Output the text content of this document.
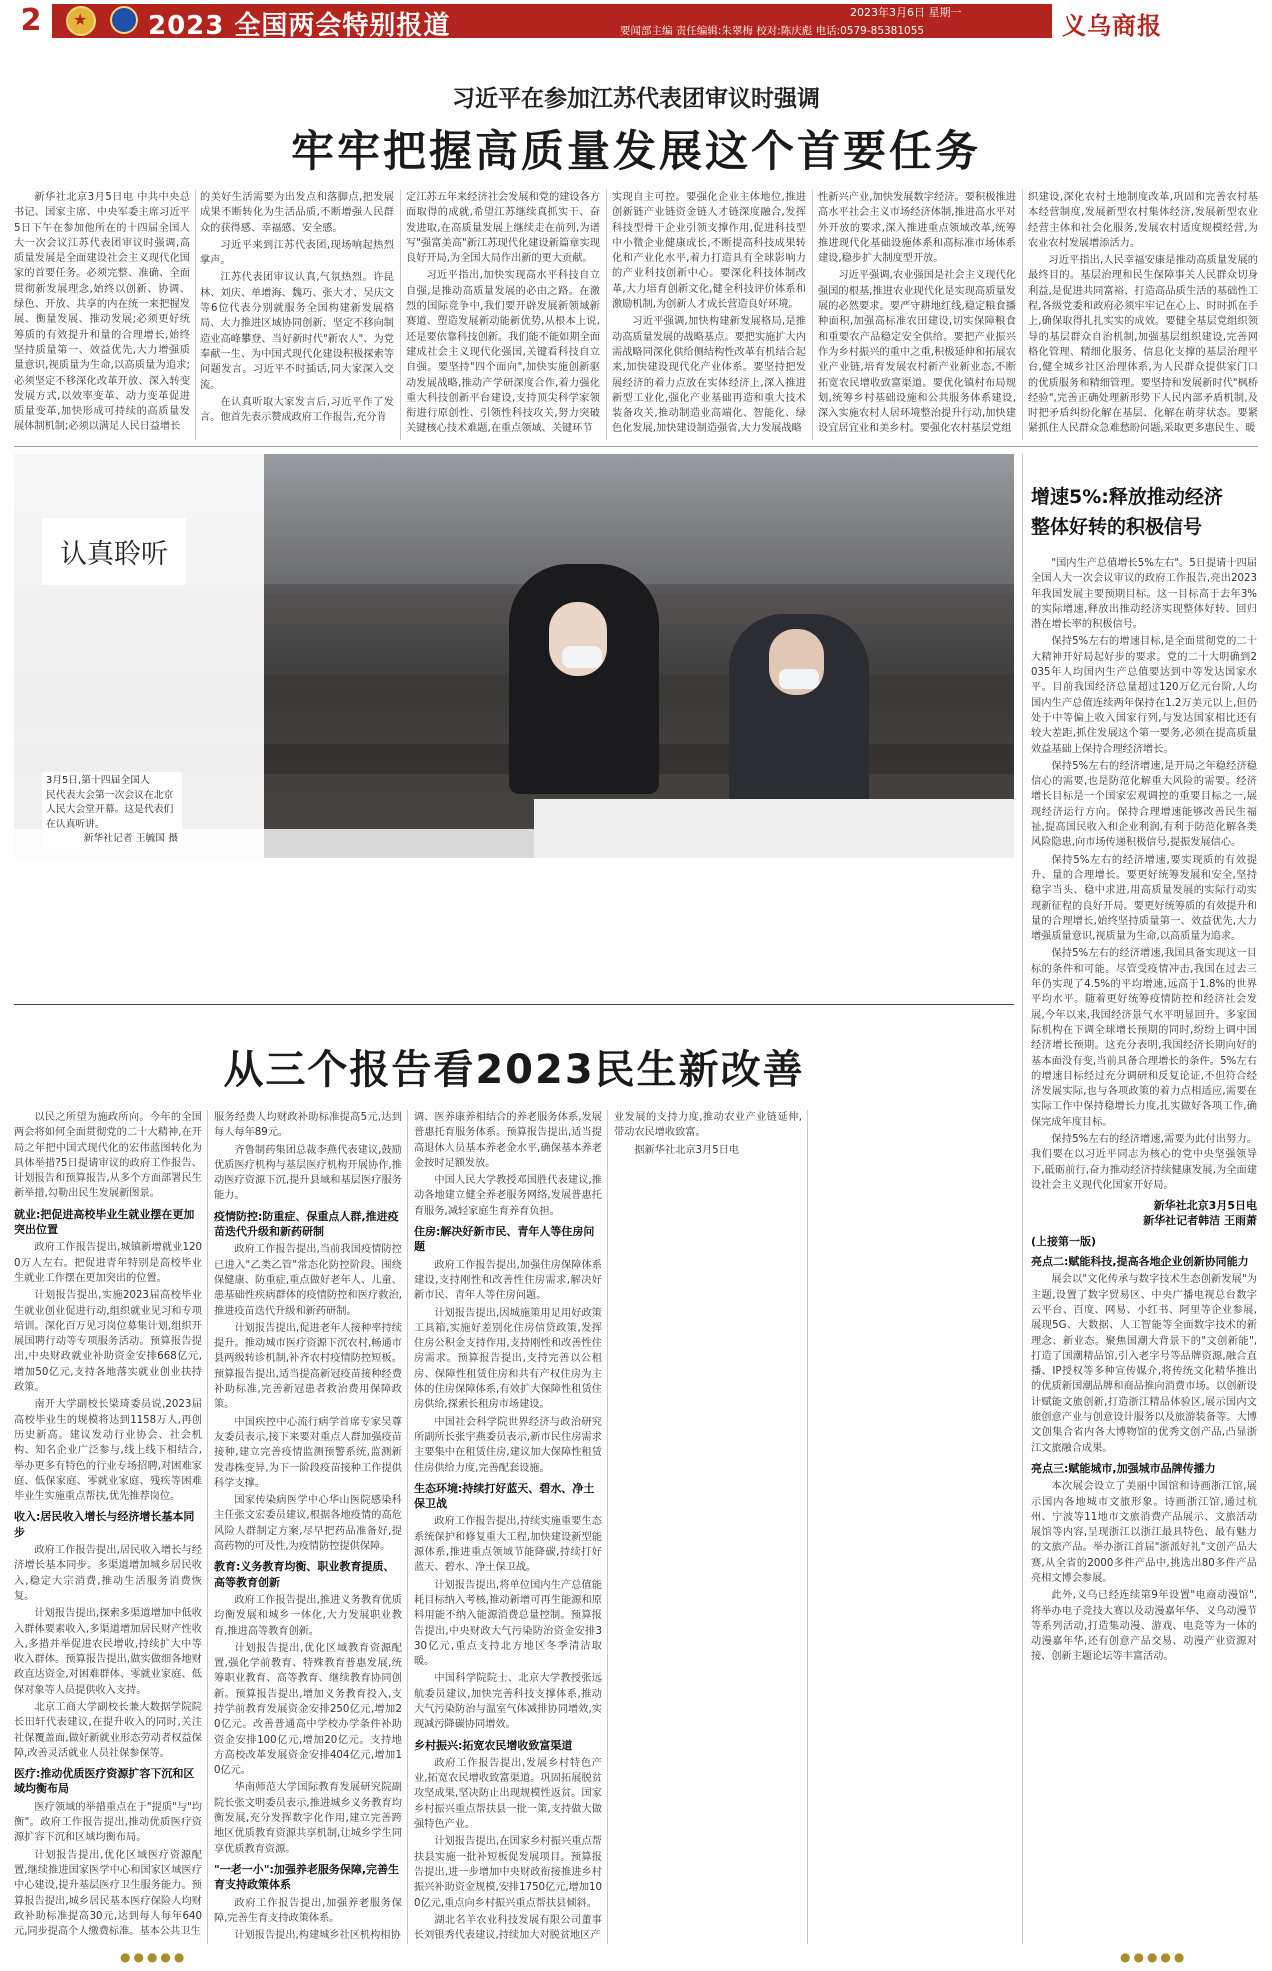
2
★	2023 全国两会特别报道	2023年3月6日 星期一
要闻部主编 责任编辑:朱翠梅 校对:陈庆彪 电话:0579-85381055	义乌商报
习近平在参加江苏代表团审议时强调
牢牢把握高质量发展这个首要任务

新华社北京3月5日电 中共中央总书记、国家主席、中央军委主席习近平5日下午在参加他所在的十四届全国人大一次会议江苏代表团审议时强调,高质量发展是全面建设社会主义现代化国家的首要任务。必须完整、准确、全面贯彻新发展理念,始终以创新、协调、绿色、开放、共享的内在统一来把握发展、衡量发展、推动发展;必须更好统筹质的有效提升和量的合理增长,始终坚持质量第一、效益优先,大力增强质量意识,视质量为生命,以高质量为追求;必须坚定不移深化改革开放、深入转变发展方式,以效率变革、动力变革促进质量变革,加快形成可持续的高质量发展体制机制;必须以满足人民日益增长

的美好生活需要为出发点和落脚点,把发展成果不断转化为生活品质,不断增强人民群众的获得感、幸福感、安全感。

习近平来到江苏代表团,现场响起热烈掌声。

江苏代表团审议认真,气氛热烈。许昆林、刘庆、单增海、魏巧、张大才、吴庆文等6位代表分别就服务全国构建新发展格局、大力推进区域协同创新、坚定不移向制造业高峰攀登、当好新时代"新农人"、为党奉献一生、为中国式现代化建设积极探索等问题发言。习近平不时插话,同大家深入交流。

在认真听取大家发言后,习近平作了发言。他首先表示赞成政府工作报告,充分肯

定江苏五年来经济社会发展和党的建设各方面取得的成就,希望江苏继续真抓实干、奋发进取,在高质量发展上继续走在前列,为谱写"强富美高"新江苏现代化建设新篇章实现良好开局,为全国大局作出新的更大贡献。

习近平指出,加快实现高水平科技自立自强,是推动高质量发展的必由之路。在激烈的国际竞争中,我们要开辟发展新领域新赛道、塑造发展新动能新优势,从根本上说,还是要依靠科技创新。我们能不能如期全面建成社会主义现代化强国,关键看科技自立自强。要坚持"四个面向",加快实施创新驱动发展战略,推动产学研深度合作,着力强化重大科技创新平台建设,支持顶尖科学家领衔进行原创性、引领性科技攻关,努力突破关键核心技术难题,在重点领域、关键环节

实现自主可控。要强化企业主体地位,推进创新链产业链资金链人才链深度融合,发挥科技型骨干企业引领支撑作用,促进科技型中小微企业健康成长,不断提高科技成果转化和产业化水平,着力打造具有全球影响力的产业科技创新中心。要深化科技体制改革,大力培育创新文化,健全科技评价体系和激励机制,为创新人才成长营造良好环境。

习近平强调,加快构建新发展格局,是推动高质量发展的战略基点。要把实施扩大内需战略同深化供给侧结构性改革有机结合起来,加快建设现代化产业体系。要坚持把发展经济的着力点放在实体经济上,深入推进新型工业化,强化产业基础再造和重大技术装备攻关,推动制造业高端化、智能化、绿色化发展,加快建设制造强省,大力发展战略

性新兴产业,加快发展数字经济。要积极推进高水平社会主义市场经济体制,推进高水平对外开放的要求,深入推进重点领域改革,统筹推进现代化基础设施体系和高标准市场体系建设,稳步扩大制度型开放。

习近平强调,农业强国是社会主义现代化强国的根基,推进农业现代化是实现高质量发展的必然要求。要严守耕地红线,稳定粮食播种面积,加强高标准农田建设,切实保障粮食和重要农产品稳定安全供给。要把产业振兴作为乡村振兴的重中之重,积极延伸和拓展农业产业链,培育发展农村新产业新业态,不断拓宽农民增收致富渠道。要优化镇村布局规划,统筹乡村基础设施和公共服务体系建设,深入实施农村人居环境整治提升行动,加快建设宜居宜业和美乡村。要强化农村基层党组

织建设,深化农村土地制度改革,巩固和完善农村基本经营制度,发展新型农村集体经济,发展新型农业经营主体和社会化服务,发展农村适度规模经营,为农业农村发展增添活力。

习近平指出,人民幸福安康是推动高质量发展的最终目的。基层治理和民生保障事关人民群众切身利益,是促进共同富裕、打造高品质生活的基础性工程,各级党委和政府必须牢牢记在心上、时时抓在手上,确保取得扎扎实实的成效。要健全基层党组织领导的基层群众自治机制,加强基层组织建设,完善网格化管理、精细化服务、信息化支撑的基层治理平台,健全城乡社区治理体系,为人民群众提供家门口的优质服务和精细管理。要坚持和发展新时代"枫桥经验",完善正确处理新形势下人民内部矛盾机制,及时把矛盾纠纷化解在基层、化解在萌芽状态。要紧紧抓住人民群众急难愁盼问题,采取更多惠民生、暖

认真聆听

3月5日,第十四届全国人

民代表大会第一次会议在北京

人民大会堂开幕。这是代表们

在认真听讲。

新华社记者 王毓国 摄

增速5%:释放推动经济
整体好转的积极信号

"国内生产总值增长5%左右"。5日提请十四届全国人大一次会议审议的政府工作报告,亮出2023年我国发展主要预期目标。这一目标高于去年3%的实际增速,释放出推动经济实现整体好转、回归潜在增长率的积极信号。

保持5%左右的增速目标,是全面贯彻党的二十大精神开好局起好步的要求。党的二十大明确到2035年人均国内生产总值要达到中等发达国家水平。目前我国经济总量超过120万亿元台阶,人均国内生产总值连续两年保持在1.2万美元以上,但仍处于中等偏上收入国家行列,与发达国家相比还有较大差距,抓住发展这个第一要务,必须在提高质量效益基础上保持合理经济增长。

保持5%左右的经济增速,是开局之年稳经济稳信心的需要,也是防范化解重大风险的需要。经济增长目标是一个国家宏观调控的重要目标之一,展现经济运行方向。保持合理增速能够改善民生福祉,提高国民收入和企业利润,有利于防范化解各类风险隐患,向市场传递积极信号,提振发展信心。

保持5%左右的经济增速,要实现质的有效提升、量的合理增长。要更好统筹发展和安全,坚持稳字当头、稳中求进,用高质量发展的实际行动实现新征程的良好开局。要更好统筹质的有效提升和量的合理增长,始终坚持质量第一、效益优先,大力增强质量意识,视质量为生命,以高质量为追求。

保持5%左右的经济增速,我国具备实现这一目标的条件和可能。尽管受疫情冲击,我国在过去三年仍实现了4.5%的平均增速,远高于1.8%的世界平均水平。随着更好统筹疫情防控和经济社会发展,今年以来,我国经济景气水平明显回升。多家国际机构在下调全球增长预期的同时,纷纷上调中国经济增长预期。这充分表明,我国经济长期向好的基本面没有变,当前具备合理增长的条件。5%左右的增速目标经过充分调研和反复论证,不但符合经济发展实际,也与各项政策的着力点相适应,需要在实际工作中保持稳增长力度,扎实做好各项工作,确保完成年度目标。

保持5%左右的经济增速,需要为此付出努力。我们要在以习近平同志为核心的党中央坚强领导下,砥砺前行,奋力推动经济持续健康发展,为全面建设社会主义现代化国家开好局。

新华社北京3月5日电
新华社记者韩洁 王雨萧

(上接第一版)

亮点二:赋能科技,提高各地企业创新协同能力

展会以"文化传承与数字技术生态创新发展"为主题,设置了数字贸易区、中央广播电视总台数字云平台、百度、网易、小红书、阿里等企业参展,展现5G、大数据、人工智能等全面数字技术的新理念、新业态。聚焦国潮大背景下的"文创新能",打造了国潮精品馆,引入老字号等品牌资源,融合直播、IP授权等多种宣传媒介,将传统文化精华推出的优质新国潮品牌和商品推向消费市场。以创新设计赋能文旅创新,打造浙江精品体验区,展示国内文旅创意产业与创意设计服务以及旅游装备等。大博文创集合省内各大博物馆的优秀文创产品,凸显浙江文旅融合成果。

亮点三:赋能城市,加强城市品牌传播力

本次展会设立了美丽中国馆和诗画浙江馆,展示国内各地城市文旅形象。诗画浙江馆,通过杭州、宁波等11地市文旅消费产品展示、文旅活动展馆等内容,呈现浙江以浙江最具特色、最有魅力的文旅产品。举办浙江首届"浙派好礼"文创产品大赛,从全省的2000多件产品中,挑选出80多件产品亮相文博会参展。

此外,义乌已经连续第9年设置"电商动漫馆",将举办电子竞技大赛以及动漫嘉年华、义乌动漫节等系列活动,打造集动漫、游戏、电竞等为一体的动漫嘉年华,还有创意产品交易、动漫产业资源对接、创新主题论坛等丰富活动。

从三个报告看2023民生新改善

以民之所望为施政所向。今年的全国两会将如何全面贯彻党的二十大精神,在开局之年把中国式现代化的宏伟蓝图转化为具体举措?5日提请审议的政府工作报告、计划报告和预算报告,从多个方面部署民生新举措,勾勒出民生发展新图景。

就业:把促进高校毕业生就业摆在更加突出位置

政府工作报告提出,城镇新增就业1200万人左右。把促进青年特别是高校毕业生就业工作摆在更加突出的位置。

计划报告提出,实施2023届高校毕业生就业创业促进行动,组织就业见习和专项培训。深化百万见习岗位募集计划,组织开展国聘行动等专项服务活动。预算报告提出,中央财政就业补助资金安排668亿元,增加50亿元,支持各地落实就业创业扶持政策。

南开大学副校长梁琦委员说,2023届高校毕业生的规模将达到1158万人,再创历史新高。建议发动行业协会、社会机构、知名企业广泛参与,线上线下相结合,举办更多有特色的行业专场招聘,对困难家庭、低保家庭、零就业家庭、残疾等困难毕业生实施重点帮扶,优先推荐岗位。

收入:居民收入增长与经济增长基本同步

政府工作报告提出,居民收入增长与经济增长基本同步。多渠道增加城乡居民收入,稳定大宗消费,推动生活服务消费恢复。

计划报告提出,探索多渠道增加中低收入群体要素收入,多渠道增加居民财产性收入,多措并举促进农民增收,持续扩大中等收入群体。预算报告提出,做实做细各地财政直达资金,对困难群体、零就业家庭、低保对象等人员提供收入支持。

北京工商大学副校长兼大数据学院院长田轩代表建议,在提升收入的同时,关注社保覆盖面,做好新就业形态劳动者权益保障,改善灵活就业人员社保参保等。

医疗:推动优质医疗资源扩容下沉和区域均衡布局

医疗领域的举措重点在于"提质"与"均衡"。政府工作报告提出,推动优质医疗资源扩容下沉和区域均衡布局。

计划报告提出,优化区域医疗资源配置,继续推进国家医学中心和国家区域医疗中心建设,提升基层医疗卫生服务能力。预算报告提出,城乡居民基本医疗保险人均财政补助标准提高30元,达到每人每年640元,同步提高个人缴费标准。基本公共卫生

服务经费人均财政补助标准提高5元,达到每人每年89元。

齐鲁制药集团总裁李燕代表建议,鼓励优质医疗机构与基层医疗机构开展协作,推动医疗资源下沉,提升县域和基层医疗服务能力。

疫情防控:防重症、保重点人群,推进疫苗迭代升级和新药研制

政府工作报告提出,当前我国疫情防控已进入"乙类乙管"常态化防控阶段。围绕保健康、防重症,重点做好老年人、儿童、患基础性疾病群体的疫情防控和医疗救治,推进疫苗迭代升级和新药研制。

计划报告提出,促进老年人接种率持续提升。推动城市医疗资源下沉农村,畅通市县两级转诊机制,补齐农村疫情防控短板。预算报告提出,适当提高新冠疫苗接种经费补助标准,完善新冠患者救治费用保障政策。

中国疾控中心流行病学首席专家吴尊友委员表示,接下来要对重点人群加强疫苗接种,建立完善疫情监测预警系统,监测新发毒株变异,为下一阶段疫苗接种工作提供科学支撑。

国家传染病医学中心华山医院感染科主任张文宏委员建议,根据各地疫情的高危风险人群制定方案,尽早把药品准备好,提高药物的可及性,为疫情防控提供保障。

教育:义务教育均衡、职业教育提质、高等教育创新

政府工作报告提出,推进义务教育优质均衡发展和城乡一体化,大力发展职业教育,推进高等教育创新。

计划报告提出,优化区域教育资源配置,强化学前教育、特殊教育普惠发展,统筹职业教育、高等教育、继续教育协同创新。预算报告提出,增加义务教育投入,支持学前教育发展资金安排250亿元,增加20亿元。改善普通高中学校办学条件补助资金安排100亿元,增加20亿元。支持地方高校改革发展资金安排404亿元,增加10亿元。

华南师范大学国际教育发展研究院副院长张文明委员表示,推进城乡义务教育均衡发展,充分发挥数字化作用,建立完善跨地区优质教育资源共享机制,让城乡学生同享优质教育资源。

"一老一小":加强养老服务保障,完善生育支持政策体系

政府工作报告提出,加强养老服务保障,完善生育支持政策体系。

计划报告提出,构建城乡社区机构相协

调、医养康养相结合的养老服务体系,发展普惠托育服务体系。预算报告提出,适当提高退休人员基本养老金水平,确保基本养老金按时足额发放。

中国人民大学教授邓国胜代表建议,推动各地建立健全养老服务网络,发展普惠托育服务,减轻家庭生育养育负担。

住房:解决好新市民、青年人等住房问题

政府工作报告提出,加强住房保障体系建设,支持刚性和改善性住房需求,解决好新市民、青年人等住房问题。

计划报告提出,因城施策用足用好政策工具箱,实施好差别化住房信贷政策,发挥住房公积金支持作用,支持刚性和改善性住房需求。预算报告提出,支持完善以公租房、保障性租赁住房和共有产权住房为主体的住房保障体系,有效扩大保障性租赁住房供给,探索长租房市场建设。

中国社会科学院世界经济与政治研究所副所长张宇燕委员表示,新市民住房需求主要集中在租赁住房,建议加大保障性租赁住房供给力度,完善配套设施。

生态环境:持续打好蓝天、碧水、净土保卫战

政府工作报告提出,持续实施重要生态系统保护和修复重大工程,加快建设新型能源体系,推进重点领域节能降碳,持续打好蓝天、碧水、净土保卫战。

计划报告提出,将单位国内生产总值能耗目标纳入考核,推动新增可再生能源和原料用能不纳入能源消费总量控制。预算报告提出,中央财政大气污染防治资金安排330亿元,重点支持北方地区冬季清洁取暖。

中国科学院院士、北京大学教授张远航委员建议,加快完善科技支撑体系,推动大气污染防治与温室气体减排协同增效,实现减污降碳协同增效。

乡村振兴:拓宽农民增收致富渠道

政府工作报告提出,发展乡村特色产业,拓宽农民增收致富渠道。巩固拓展脱贫攻坚成果,坚决防止出现规模性返贫。国家乡村振兴重点帮扶县一批一策,支持做大做强特色产业。

计划报告提出,在国家乡村振兴重点帮扶县实施一批补短板促发展项目。预算报告提出,进一步增加中央财政衔接推进乡村振兴补助资金规模,安排1750亿元,增加100亿元,重点向乡村振兴重点帮扶县倾斜。

湖北名羊农业科技发展有限公司董事长刘银秀代表建议,持续加大对脱贫地区产

业发展的支持力度,推动农业产业链延伸,带动农民增收致富。

据新华社北京3月5日电

●●●●●	●●●●●
